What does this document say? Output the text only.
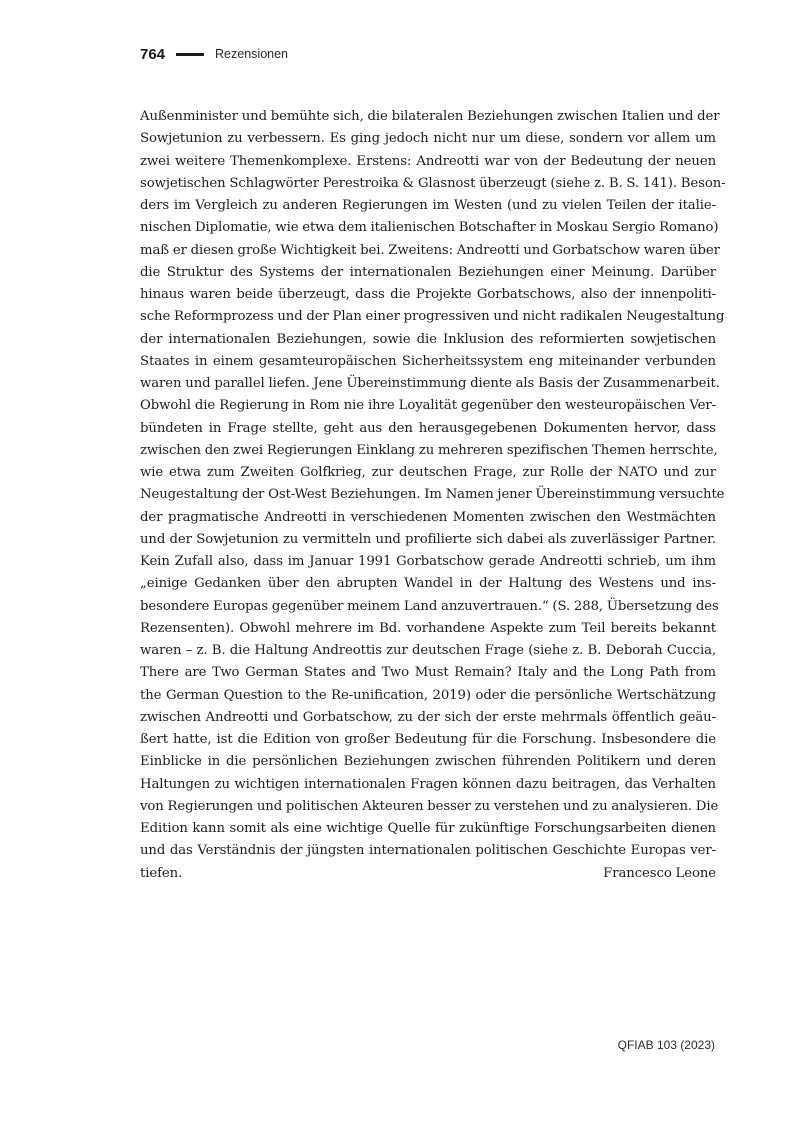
764	Rezensionen
Außenminister und bemühte sich, die bilateralen Beziehungen zwischen Italien und der
Sowjetunion zu verbessern. Es ging jedoch nicht nur um diese, sondern vor allem um
zwei weitere Themenkomplexe. Erstens: Andreotti war von der Bedeutung der neuen
sowjetischen Schlagwörter Perestroika & Glasnost überzeugt (siehe z. B. S. 141). Beson-
ders im Vergleich zu anderen Regierungen im Westen (und zu vielen Teilen der italie-
nischen Diplomatie, wie etwa dem italienischen Botschafter in Moskau Sergio Romano)
maß er diesen große Wichtigkeit bei. Zweitens: Andreotti und Gorbatschow waren über
die Struktur des Systems der internationalen Beziehungen einer Meinung. Darüber
hinaus waren beide überzeugt, dass die Projekte Gorbatschows, also der innenpoliti-
sche Reformprozess und der Plan einer progressiven und nicht radikalen Neugestaltung
der internationalen Beziehungen, sowie die Inklusion des reformierten sowjetischen
Staates in einem gesamteuropäischen Sicherheitssystem eng miteinander verbunden
waren und parallel liefen. Jene Übereinstimmung diente als Basis der Zusammenarbeit.
Obwohl die Regierung in Rom nie ihre Loyalität gegenüber den westeuropäischen Ver-
bündeten in Frage stellte, geht aus den herausgegebenen Dokumenten hervor, dass
zwischen den zwei Regierungen Einklang zu mehreren spezifischen Themen herrschte,
wie etwa zum Zweiten Golfkrieg, zur deutschen Frage, zur Rolle der NATO und zur
Neugestaltung der Ost-West Beziehungen. Im Namen jener Übereinstimmung versuchte
der pragmatische Andreotti in verschiedenen Momenten zwischen den Westmächten
und der Sowjetunion zu vermitteln und profilierte sich dabei als zuverlässiger Partner.
Kein Zufall also, dass im Januar 1991 Gorbatschow gerade Andreotti schrieb, um ihm
„einige Gedanken über den abrupten Wandel in der Haltung des Westens und ins-
besondere Europas gegenüber meinem Land anzuvertrauen.“ (S. 288, Übersetzung des
Rezensenten). Obwohl mehrere im Bd. vorhandene Aspekte zum Teil bereits bekannt
waren – z. B. die Haltung Andreottis zur deutschen Frage (siehe z. B. Deborah Cuccia,
There are Two German States and Two Must Remain? Italy and the Long Path from
the German Question to the Re-unification, 2019) oder die persönliche Wertschätzung
zwischen Andreotti und Gorbatschow, zu der sich der erste mehrmals öffentlich geäu-
ßert hatte, ist die Edition von großer Bedeutung für die Forschung. Insbesondere die
Einblicke in die persönlichen Beziehungen zwischen führenden Politikern und deren
Haltungen zu wichtigen internationalen Fragen können dazu beitragen, das Verhalten
von Regierungen und politischen Akteuren besser zu verstehen und zu analysieren. Die
Edition kann somit als eine wichtige Quelle für zukünftige Forschungsarbeiten dienen
und das Verständnis der jüngsten internationalen politischen Geschichte Europas ver-
tiefen.	Francesco Leone
QFIAB 103 (2023)
